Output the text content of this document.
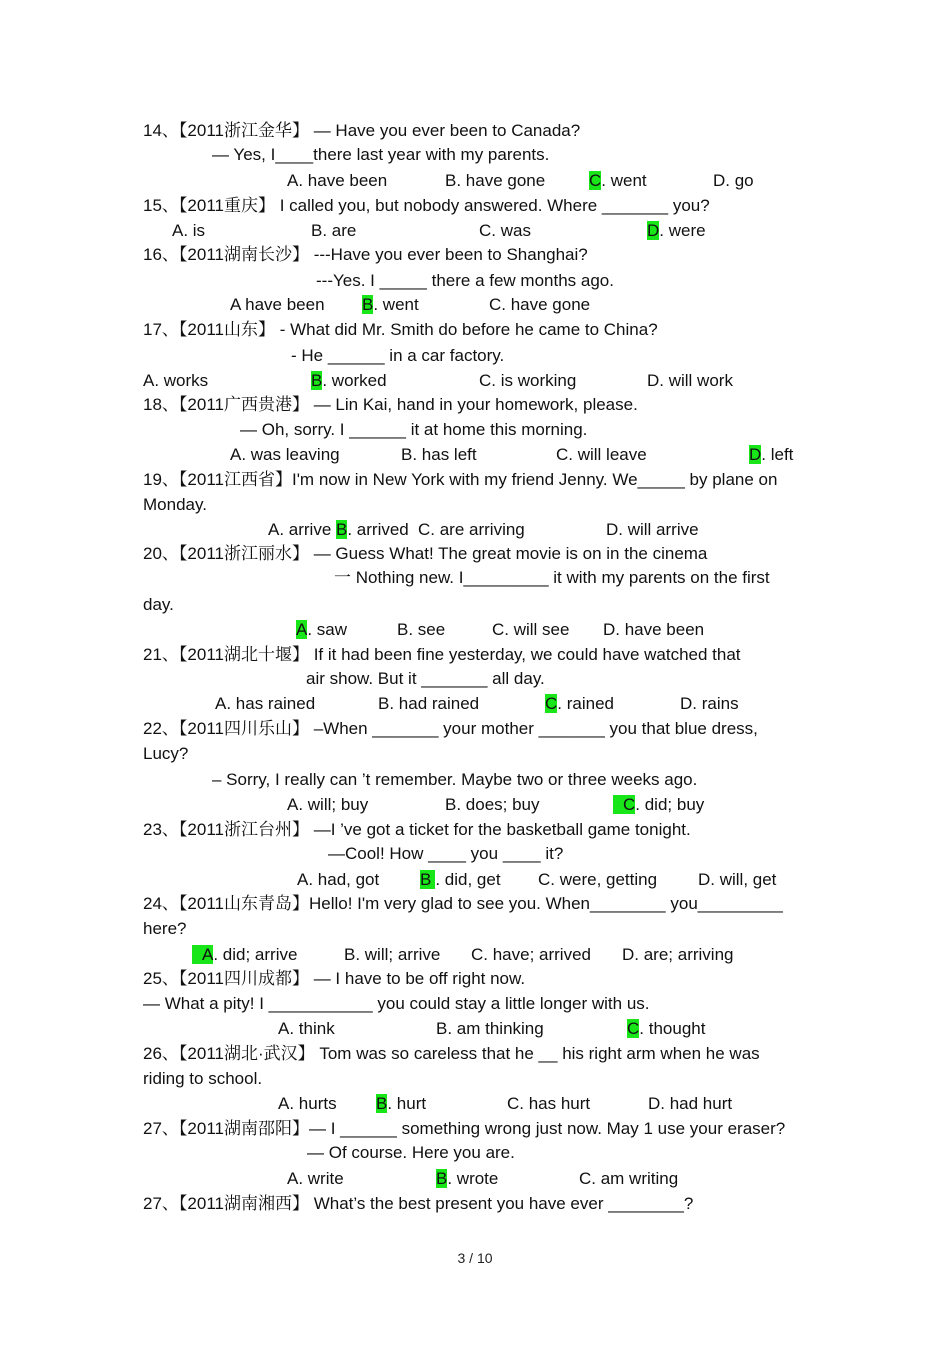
14、【2011浙江金华】 — Have you ever been to Canada?
— Yes, I____there last year with my parents.
A. have been	B. have gone	C. went	D. go
15、【2011重庆】 I called you, but nobody answered. Where _______ you?
A. is	B. are	C. was	D. were
16、【2011湖南长沙】 ---Have you ever been to Shanghai?
---Yes. I _____ there a few months ago.
A have been B. went	C. have gone
17、【2011山东】 - What did Mr. Smith do before he came to China?
- He ______ in a car factory.
A. works	B. worked	C. is working	D. will work
18、【2011广西贵港】 — Lin Kai, hand in your homework, please.
— Oh, sorry. I ______ it at home this morning.
A. was leaving	B. has left	C. will leave	D. left
19、【2011江西省】I'm now in New York with my friend Jenny. We_____ by plane on
Monday.
A. arrive B. arrived C. are arriving	D. will arrive
20、【2011浙江丽水】 — Guess What! The great movie is on in the cinema
一 Nothing new. I_________ it with my parents on the first
day.
A. saw	B. see	C. will see D. have been
21、【2011湖北十堰】 If it had been fine yesterday, we could have watched that
air show. But it _______ all day.
A. has rained	B. had rained	C. rained	D. rains
22、【2011四川乐山】 –When _______ your mother _______ you that blue dress,
Lucy?
– Sorry, I really can ’t remember. Maybe two or three weeks ago.
A. will; buy	B. does; buy	C. did; buy
23、【2011浙江台州】 —I ’ve got a ticket for the basketball game tonight.
—Cool! How ____ you ____ it?
A. had, got B . did, get C. were, getting D. will, get
24、【2011山东青岛】Hello! I'm very glad to see you. When________ you_________
here?
A. did; arrive	B. will; arrive C. have; arrived D. are; arriving
25、【2011四川成都】 — I have to be off right now.
— What a pity! I ___________ you could stay a little longer with us.
A. think	B. am thinking	C. thought
26、【2011湖北·武汉】 Tom was so careless that he __ his right arm when he was
riding to school.
A. hurts B. hurt	C. has hurt	D. had hurt
27、【2011湖南邵阳】— I ______ something wrong just now. May 1 use your eraser?
— Of course. Here you are.
A. write	B. wrote	C. am writing
27、【2011湖南湘西】 What’s the best present you have ever ________?
3 / 10
